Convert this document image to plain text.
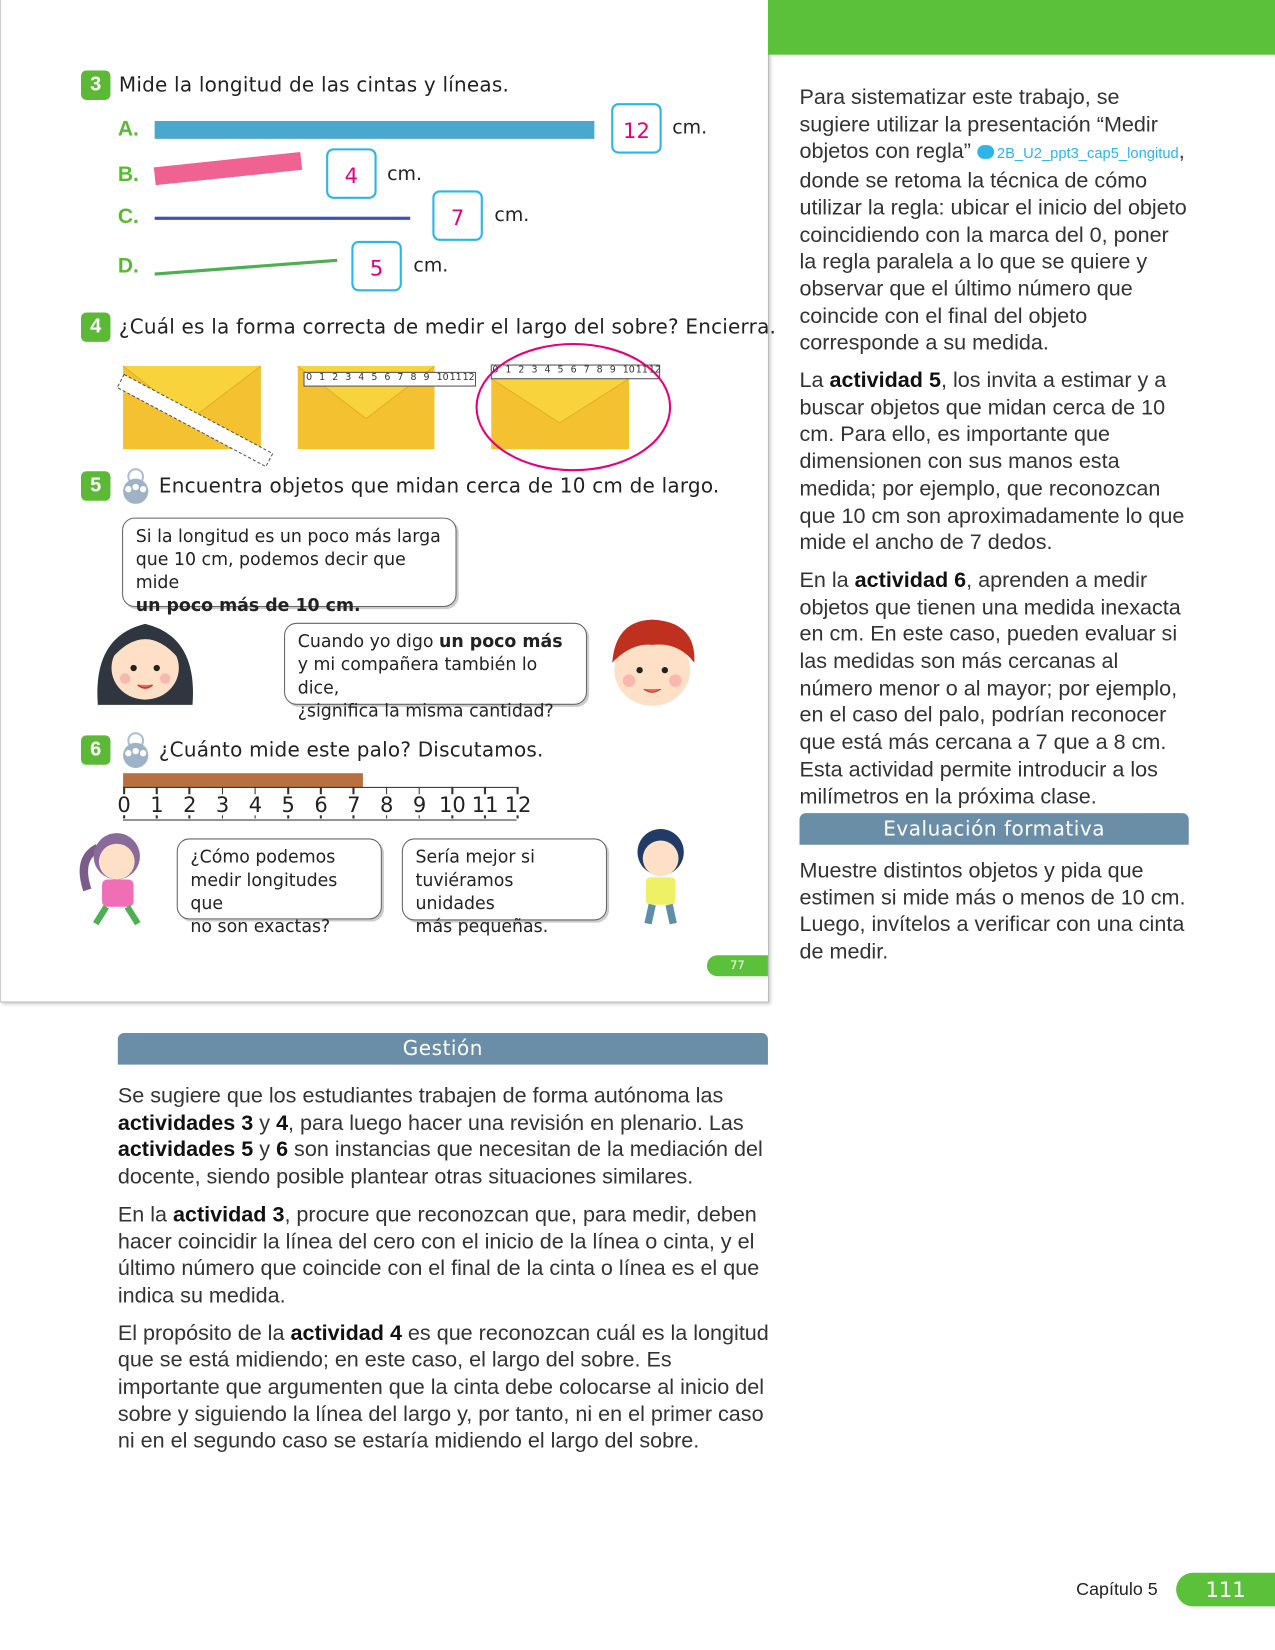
3 Mide la longitud de las cintas y líneas.
A.	12	cm.
B.	4	cm.
C.	7	cm.
D.	5	cm.
4 ¿Cuál es la forma correcta de medir el largo del sobre? Encierra.
0 1 2 3 4 5 6 7 8 9 10 11 12
0 1 2 3 4 5 6 7 8 9 10 11 12
5	Encuentra objetos que midan cerca de 10 cm de largo.
Si la longitud es un poco más larga
que 10 cm, podemos decir que mide
un poco más de 10 cm.
Cuando yo digo un poco más
y mi compañera también lo dice,
¿significa la misma cantidad?
6	¿Cuánto mide este palo? Discutamos.
¿Cómo podemos
medir longitudes que
no son exactas?
Sería mejor si
tuviéramos unidades
más pequeñas.
77
Gestión

Se sugiere que los estudiantes trabajen de forma autónoma las actividades 3 y 4, para luego hacer una revisión en plenario. Las actividades 5 y 6 son instancias que necesitan de la mediación del docente, siendo posible plantear otras situaciones similares.

En la actividad 3, procure que reconozcan que, para medir, deben hacer coincidir la línea del cero con el inicio de la línea o cinta, y el último número que coincide con el final de la cinta o línea es el que indica su medida.

El propósito de la actividad 4 es que reconozcan cuál es la longitud que se está midiendo; en este caso, el largo del sobre. Es importante que argumenten que la cinta debe colocarse al inicio del sobre y siguiendo la línea del largo y, por tanto, ni en el primer caso ni en el segundo caso se estaría midiendo el largo del sobre.

Para sistematizar este trabajo, se sugiere utilizar la presentación “Medir objetos con regla” 2B_U2_ppt3_cap5_longitud, donde se retoma la técnica de cómo utilizar la regla: ubicar el inicio del objeto coincidiendo con la marca del 0, poner la regla paralela a lo que se quiere y observar que el último número que coincide con el final del objeto corresponde a su medida.

La actividad 5, los invita a estimar y a buscar objetos que midan cerca de 10 cm. Para ello, es importante que dimensionen con sus manos esta medida; por ejemplo, que reconozcan que 10 cm son aproximadamente lo que mide el ancho de 7 dedos.

En la actividad 6, aprenden a medir objetos que tienen una medida inexacta en cm. En este caso, pueden evaluar si las medidas son más cercanas al número menor o al mayor; por ejemplo, en el caso del palo, podrían reconocer que está más cercana a 7 que a 8 cm. Esta actividad permite introducir a los milímetros en la próxima clase.

Evaluación formativa

Muestre distintos objetos y pida que estimen si mide más o menos de 10 cm. Luego, invítelos a verificar con una cinta de medir.

Capítulo 5	111
0 1 2 3 4 5 6 7 8 9 10 11 12
